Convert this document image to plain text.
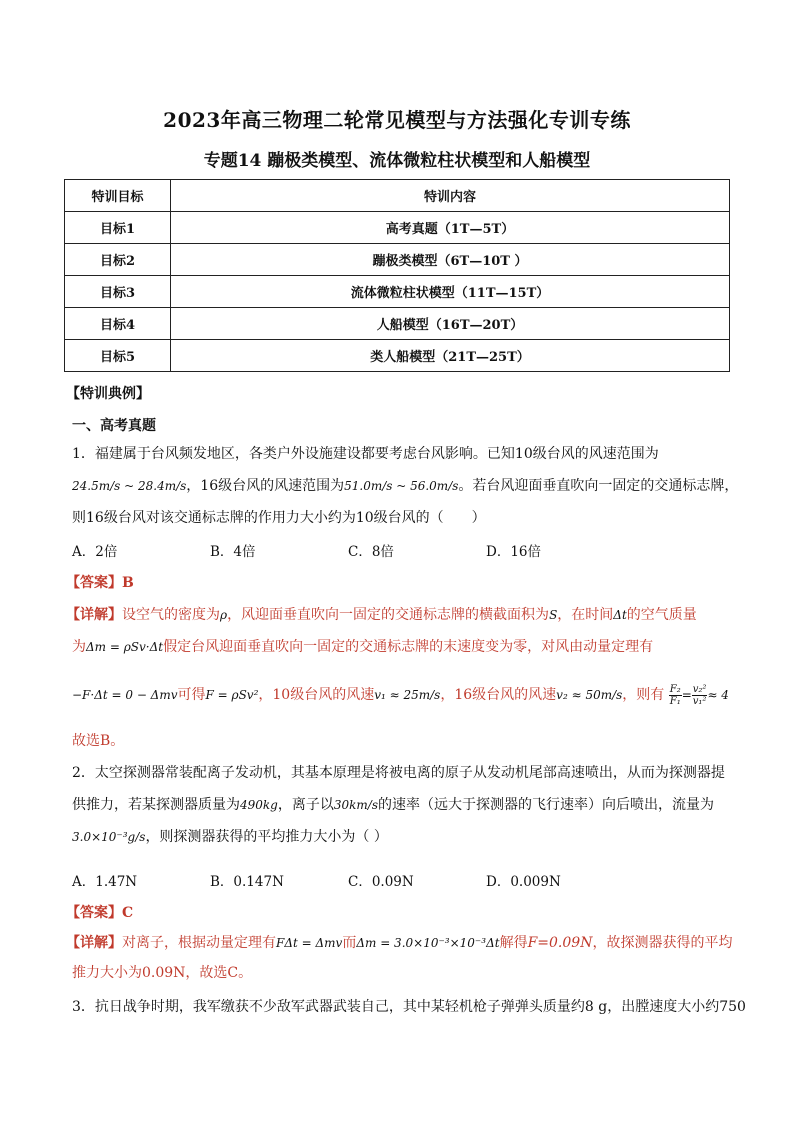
2023年高三物理二轮常见模型与方法强化专训专练
专题14 蹦极类模型、流体微粒柱状模型和人船模型
特训目标	特训内容
目标1	高考真题（1T—5T）
目标2	蹦极类模型（6T—10T ）
目标3	流体微粒柱状模型（11T—15T）
目标4	人船模型（16T—20T）
目标5	类人船模型（21T—25T）
【特训典例】
一、高考真题
1．福建属于台风频发地区，各类户外设施建设都要考虑台风影响。已知10级台风的风速范围为
24.5m/s ~ 28.4m/s，16级台风的风速范围为51.0m/s ~ 56.0m/s。若台风迎面垂直吹向一固定的交通标志牌，
则16级台风对该交通标志牌的作用力大小约为10级台风的（　　）
A．2倍	B．4倍	C．8倍	D．16倍
【答案】B
【详解】设空气的密度为ρ，风迎面垂直吹向一固定的交通标志牌的横截面积为S，在时间Δt的空气质量
为Δm = ρSv·Δt假定台风迎面垂直吹向一固定的交通标志牌的末速度变为零，对风由动量定理有
−F·Δt = 0 − Δmv可得F = ρSv²，10级台风的风速v₁ ≈ 25m/s，16级台风的风速v₂ ≈ 50m/s，则有 $\frac{\text{F₂}}{\text{F₁}} = \frac{\text{v₂²}}{\text{v₁²}} \approx 4$
故选B。
2．太空探测器常装配离子发动机，其基本原理是将被电离的原子从发动机尾部高速喷出，从而为探测器提
供推力，若某探测器质量为490kg，离子以30km/s的速率（远大于探测器的飞行速率）向后喷出，流量为
3.0×10⁻³g/s，则探测器获得的平均推力大小为（ ）
A．1.47N	B．0.147N	C．0.09N	D．0.009N
【答案】C
【详解】对离子，根据动量定理有FΔt = Δmv而Δm = 3.0×10⁻³×10⁻³Δt解得F=0.09N，故探测器获得的平均
推力大小为0.09N，故选C。
3．抗日战争时期，我军缴获不少敌军武器武装自己，其中某轻机枪子弹弹头质量约8 g，出膛速度大小约750
